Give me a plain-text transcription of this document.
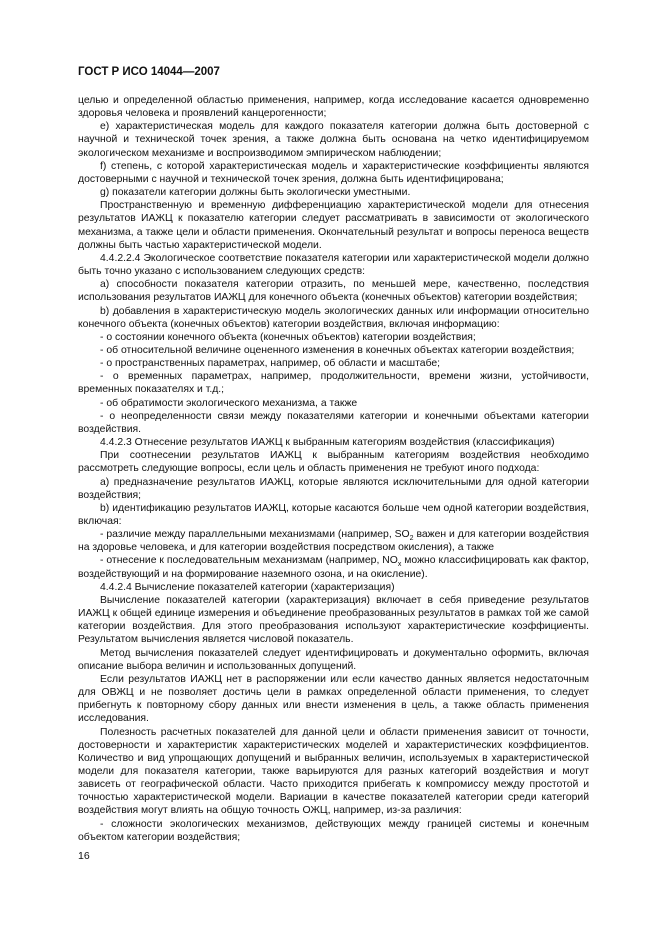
ГОСТ Р ИСО 14044—2007

целью и определенной областью применения, например, когда исследование касается одновременно здоровья человека и проявлений канцерогенности;

e) характеристическая модель для каждого показателя категории должна быть достоверной с научной и технической точек зрения, а также должна быть основана на четко идентифицируемом экологическом механизме и воспроизводимом эмпирическом наблюдении;

f) степень, с которой характеристическая модель и характеристические коэффициенты являются достоверными с научной и технической точек зрения, должна быть идентифицирована;

g) показатели категории должны быть экологически уместными.

Пространственную и временную дифференциацию характеристической модели для отнесения результатов ИАЖЦ к показателю категории следует рассматривать в зависимости от экологического механизма, а также цели и области применения. Окончательный результат и вопросы переноса веществ должны быть частью характеристической модели.

4.4.2.2.4 Экологическое соответствие показателя категории или характеристической модели должно быть точно указано с использованием следующих средств:

a) способности показателя категории отразить, по меньшей мере, качественно, последствия использования результатов ИАЖЦ для конечного объекта (конечных объектов) категории воздействия;

b) добавления в характеристическую модель экологических данных или информации относительно конечного объекта (конечных объектов) категории воздействия, включая информацию:

- о состоянии конечного объекта (конечных объектов) категории воздействия;

- об относительной величине оцененного изменения в конечных объектах категории воздействия;

- о пространственных параметрах, например, об области и масштабе;

- о временных параметрах, например, продолжительности, времени жизни, устойчивости, временных показателях и т.д.;

- об обратимости экологического механизма, а также

- о неопределенности связи между показателями категории и конечными объектами категории воздействия.

4.4.2.3 Отнесение результатов ИАЖЦ к выбранным категориям воздействия (классификация)

При соотнесении результатов ИАЖЦ к выбранным категориям воздействия необходимо рассмотреть следующие вопросы, если цель и область применения не требуют иного подхода:

a) предназначение результатов ИАЖЦ, которые являются исключительными для одной категории воздействия;

b) идентификацию результатов ИАЖЦ, которые касаются больше чем одной категории воздействия, включая:

- различие между параллельными механизмами (например, $SO_2$ важен и для категории воздействия на здоровье человека, и для категории воздействия посредством окисления), а также

- отнесение к последовательным механизмам (например, $NO_x$ можно классифицировать как фактор, воздействующий и на формирование наземного озона, и на окисление).

4.4.2.4 Вычисление показателей категории (характеризация)

Вычисление показателей категории (характеризация) включает в себя приведение результатов ИАЖЦ к общей единице измерения и объединение преобразованных результатов в рамках той же самой категории воздействия. Для этого преобразования используют характеристические коэффициенты. Результатом вычисления является числовой показатель.

Метод вычисления показателей следует идентифицировать и документально оформить, включая описание выбора величин и использованных допущений.

Если результатов ИАЖЦ нет в распоряжении или если качество данных является недостаточным для ОВЖЦ и не позволяет достичь цели в рамках определенной области применения, то следует прибегнуть к повторному сбору данных или внести изменения в цель, а также область применения исследования.

Полезность расчетных показателей для данной цели и области применения зависит от точности, достоверности и характеристик характеристических моделей и характеристических коэффициентов. Количество и вид упрощающих допущений и выбранных величин, используемых в характеристической модели для показателя категории, также варьируются для разных категорий воздействия и могут зависеть от географической области. Часто приходится прибегать к компромиссу между простотой и точностью характеристической модели. Вариации в качестве показателей категории среди категорий воздействия могут влиять на общую точность ОЖЦ, например, из-за различия:

- сложности экологических механизмов, действующих между границей системы и конечным объектом категории воздействия;

16
